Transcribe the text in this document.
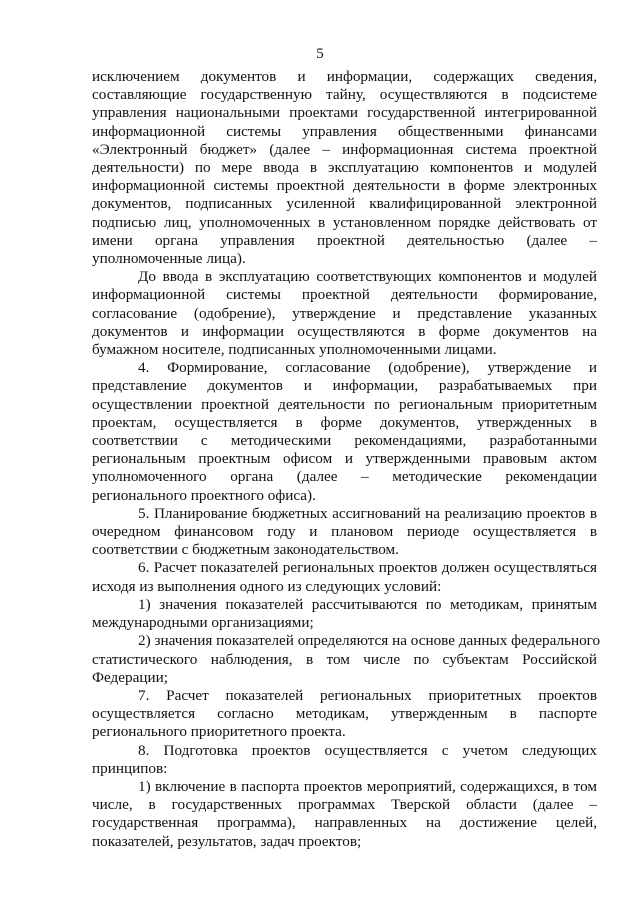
5
исключением документов и информации, содержащих сведения,
составляющие государственную тайну, осуществляются в подсистеме
управления национальными проектами государственной интегрированной
информационной системы управления общественными финансами
«Электронный бюджет» (далее – информационная система проектной
деятельности) по мере ввода в эксплуатацию компонентов и модулей
информационной системы проектной деятельности в форме электронных
документов, подписанных усиленной квалифицированной электронной
подписью лиц, уполномоченных в установленном порядке действовать от
имени органа управления проектной деятельностью (далее –
уполномоченные лица).
До ввода в эксплуатацию соответствующих компонентов и модулей
информационной системы проектной деятельности формирование,
согласование (одобрение), утверждение и представление указанных
документов и информации осуществляются в форме документов на
бумажном носителе, подписанных уполномоченными лицами.
4. Формирование, согласование (одобрение), утверждение и
представление документов и информации, разрабатываемых при
осуществлении проектной деятельности по региональным приоритетным
проектам, осуществляется в форме документов, утвержденных в
соответствии с методическими рекомендациями, разработанными
региональным проектным офисом и утвержденными правовым актом
уполномоченного органа (далее – методические рекомендации
регионального проектного офиса).
5. Планирование бюджетных ассигнований на реализацию проектов в
очередном финансовом году и плановом периоде осуществляется в
соответствии с бюджетным законодательством.
6. Расчет показателей региональных проектов должен осуществляться
исходя из выполнения одного из следующих условий:
1) значения показателей рассчитываются по методикам, принятым
международными организациями;
2) значения показателей определяются на основе данных федерального
статистического наблюдения, в том числе по субъектам Российской
Федерации;
7. Расчет показателей региональных приоритетных проектов
осуществляется согласно методикам, утвержденным в паспорте
регионального приоритетного проекта.
8. Подготовка проектов осуществляется с учетом следующих
принципов:
1) включение в паспорта проектов мероприятий, содержащихся, в том
числе, в государственных программах Тверской области (далее –
государственная программа), направленных на достижение целей,
показателей, результатов, задач проектов;
